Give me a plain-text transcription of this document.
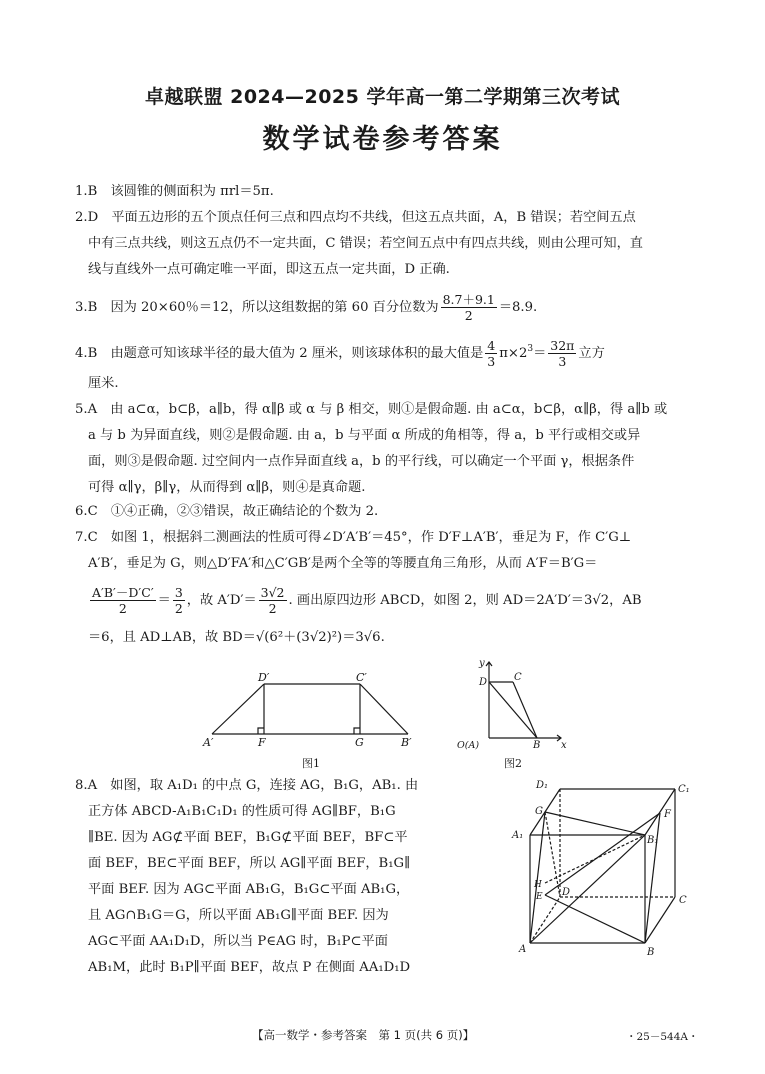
卓越联盟 2024—2025 学年高一第二学期第三次考试
数学试卷参考答案
1.B　该圆锥的侧面积为 πrl＝5π.
2.D　平面五边形的五个顶点任何三点和四点均不共线，但这五点共面，A，B 错误；若空间五点
中有三点共线，则这五点仍不一定共面，C 错误；若空间五点中有四点共线，则由公理可知，直
线与直线外一点可确定唯一平面，即这五点一定共面，D 正确.
3.B　因为 20×60％＝12，所以这组数据的第 60 百分位数为 $\frac{8.7+9.1}{2} =8.9$.
4.B　由题意可知该球半径的最大值为 2 厘米，则该球体积的最大值是 $\frac{4}{3} \pi\times 2^3= \frac{32\pi}{3}$ 立方
厘米.
5.A　由 a⊂α，b⊂β，a∥b，得 α∥β 或 α 与 β 相交，则①是假命题. 由 a⊂α，b⊂β，α∥β，得 a∥b 或
a 与 b 为异面直线，则②是假命题. 由 a，b 与平面 α 所成的角相等，得 a，b 平行或相交或异
面，则③是假命题. 过空间内一点作异面直线 a，b 的平行线，可以确定一个平面 γ，根据条件
可得 α∥γ，β∥γ，从而得到 α∥β，则④是真命题.
6.C　①④正确，②③错误，故正确结论的个数为 2.
7.C　如图 1，根据斜二测画法的性质可得∠D′A′B′＝45°，作 D′F⊥A′B′，垂足为 F，作 C′G⊥
A′B′，垂足为 G，则△D′FA′和△C′GB′是两个全等的等腰直角三角形，从而 A′F＝B′G＝
$\frac{A'B'-D'C'}{2} = \frac{3}{2}$ ，故 $A'D'= \frac{3√2}{2}$ . 画出原四边形 ABCD，如图 2，则 AD＝2A′D′＝3√2，AB
＝6，且 AD⊥AB，故 BD＝√(6²＋(3√2)²)＝3√6.
D′	C′
A′	F	G	B′
图1
y
D	C
O(A)	B x
图2
8.A　如图，取 A₁D₁ 的中点 G，连接 AG，B₁G，AB₁. 由
正方体 ABCD-A₁B₁C₁D₁ 的性质可得 AG∥BF，B₁G
∥BE. 因为 AG⊄平面 BEF，B₁G⊄平面 BEF，BF⊂平
面 BEF，BE⊂平面 BEF，所以 AG∥平面 BEF，B₁G∥
平面 BEF. 因为 AG⊂平面 AB₁G，B₁G⊂平面 AB₁G，
且 AG∩B₁G＝G，所以平面 AB₁G∥平面 BEF. 因为
AG⊂平面 AA₁D₁D，所以当 P∈AG 时，B₁P⊂平面
AB₁M，此时 B₁P∥平面 BEF，故点 P 在侧面 AA₁D₁D
D₁	C₁
G	F
A₁	B₁
H
D
E	C
A	B
【高一数学・参考答案　第 1 页(共 6 页)】	・25－544A・
